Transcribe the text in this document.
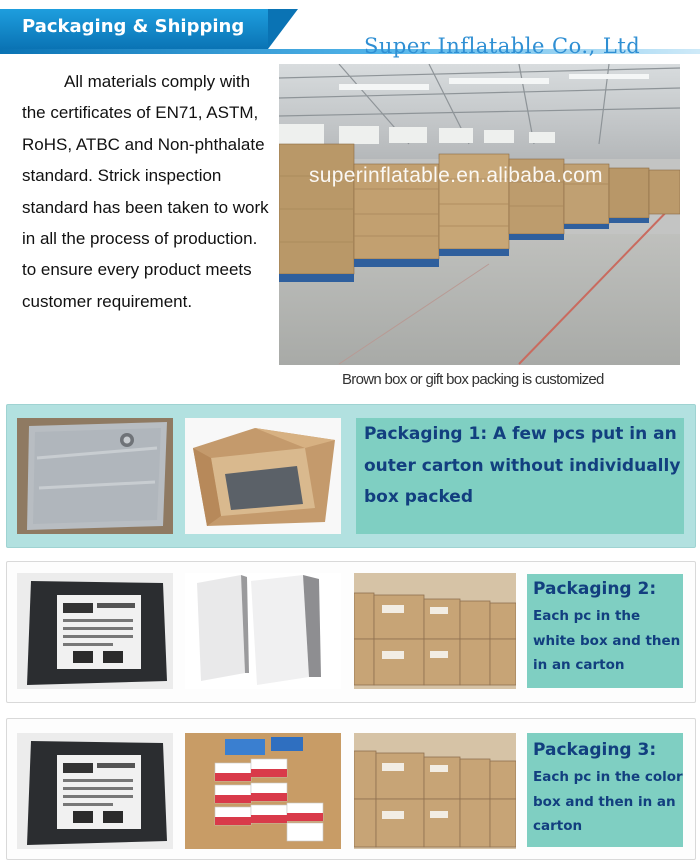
Packaging & Shipping
Super Inflatable Co., Ltd
All materials comply with the certificates of EN71, ASTM, RoHS, ATBC and Non-phthalate standard. Strick inspection standard has been taken to work in all the process of production. to ensure every product meets customer requirement.
superinflatable.en.alibaba.com
Brown box or gift box packing is customized
Packaging 1: A few pcs put in an outer carton without individually box packed
Packaging 2:
Each pc in the white box and then in an carton
Packaging 3:
Each pc in the color box and then in an carton
